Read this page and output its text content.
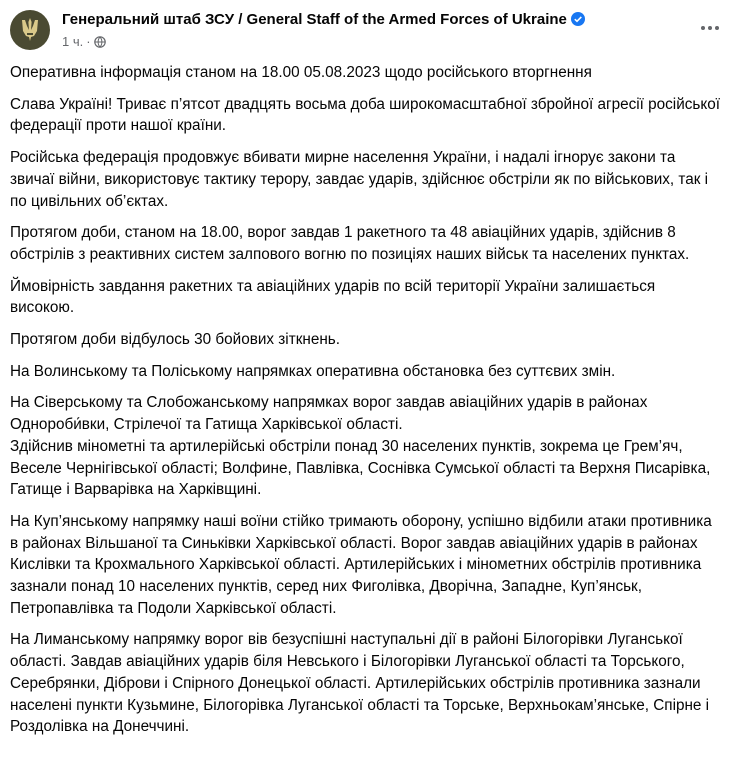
Генеральний штаб ЗСУ / General Staff of the Armed Forces of Ukraine
1 ч. ·

Оперативна інформація станом на 18.00 05.08.2023 щодо російського вторгнення

Слава Україні! Триває п’ятсот двадцять восьма доба широкомасштабної збройної агресії російської федерації проти нашої країни.

Російська федерація продовжує вбивати мирне населення України, і надалі ігнорує закони та звичаї війни, використовує тактику терору, завдає ударів, здійснює обстріли як по військових, так і по цивільних об’єктах.

Протягом доби, станом на 18.00, ворог завдав 1 ракетного та 48 авіаційних ударів, здійснив 8 обстрілів з реактивних систем залпового вогню по позиціях наших військ та населених пунктах.

Ймовірність завдання ракетних та авіаційних ударів по всій території України залишається високою.

Протягом доби відбулось 30 бойових зіткнень.

На Волинському та Поліському напрямках оперативна обстановка без суттєвих змін.

На Сіверському та Слобожанському напрямках ворог завдав авіаційних ударів в районах Однороби́вки, Стрілечої та Гатища Харківської області.
Здійснив мінометні та артилерійські обстріли понад 30 населених пунктів, зокрема це Грем’яч, Веселе Чернігівської області; Волфине, Павлівка, Соснівка Сумської області та Верхня Писарівка, Гатище і Варварівка на Харківщині.

На Куп’янському напрямку наші воїни стійко тримають оборону, успішно відбили атаки противника в районах Вільшаної та Синьківки Харківської області. Ворог завдав авіаційних ударів в районах Кислівки та Крохмального Харківської області. Артилерійських і мінометних обстрілів противника зазнали понад 10 населених пунктів, серед них Фиголівка, Дворічна, Западне, Куп’янськ, Петропавлівка та Подоли Харківської області.

На Лиманському напрямку ворог вів безуспішні наступальні дії в районі Білогорівки Луганської області. Завдав авіаційних ударів біля Невського і Білогорівки Луганської області та Торського, Серебрянки, Діброви і Спірного Донецької області. Артилерійських обстрілів противника зазнали населені пункти Кузьмине, Білогорівка Луганської області та Торське, Верхньокам’янське, Спірне і Роздолівка на Донеччині.
